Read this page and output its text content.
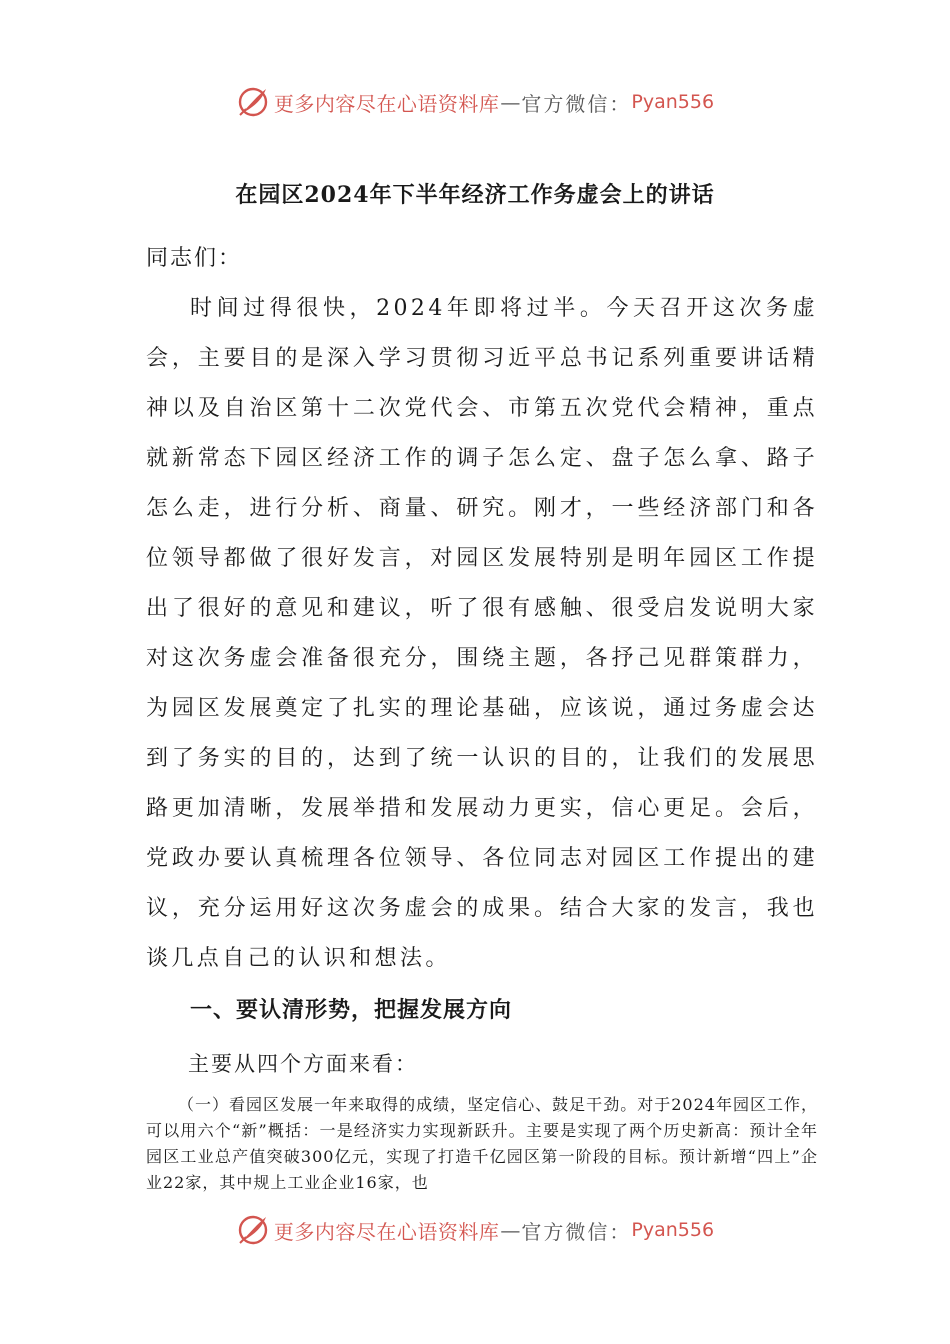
更多内容尽在心语资料库 — 官方微信： Pyan556
在园区2024年下半年经济工作务虚会上的讲话

同志们：

时间过得很快，2024年即将过半。今天召开这次务虚会，主要目的是深入学习贯彻习近平总书记系列重要讲话精神以及自治区第十二次党代会、市第五次党代会精神，重点就新常态下园区经济工作的调子怎么定、盘子怎么拿、路子怎么走，进行分析、商量、研究。刚才，一些经济部门和各位领导都做了很好发言，对园区发展特别是明年园区工作提出了很好的意见和建议，听了很有感触、很受启发说明大家对这次务虚会准备很充分，围绕主题，各抒己见群策群力，为园区发展奠定了扎实的理论基础，应该说，通过务虚会达到了务实的目的，达到了统一认识的目的，让我们的发展思路更加清晰，发展举措和发展动力更实，信心更足。会后，党政办要认真梳理各位领导、各位同志对园区工作提出的建议，充分运用好这次务虚会的成果。结合大家的发言，我也谈几点自己的认识和想法。

一、要认清形势，把握发展方向

主要从四个方面来看：

（一）看园区发展一年来取得的成绩，坚定信心、鼓足干劲。对于2024年园区工作，可以用六个“新”概括：一是经济实力实现新跃升。主要是实现了两个历史新高：预计全年园区工业总产值突破300亿元，实现了打造千亿园区第一阶段的目标。预计新增“四上”企业22家，其中规上工业企业16家，也

更多内容尽在心语资料库 — 官方微信： Pyan556
